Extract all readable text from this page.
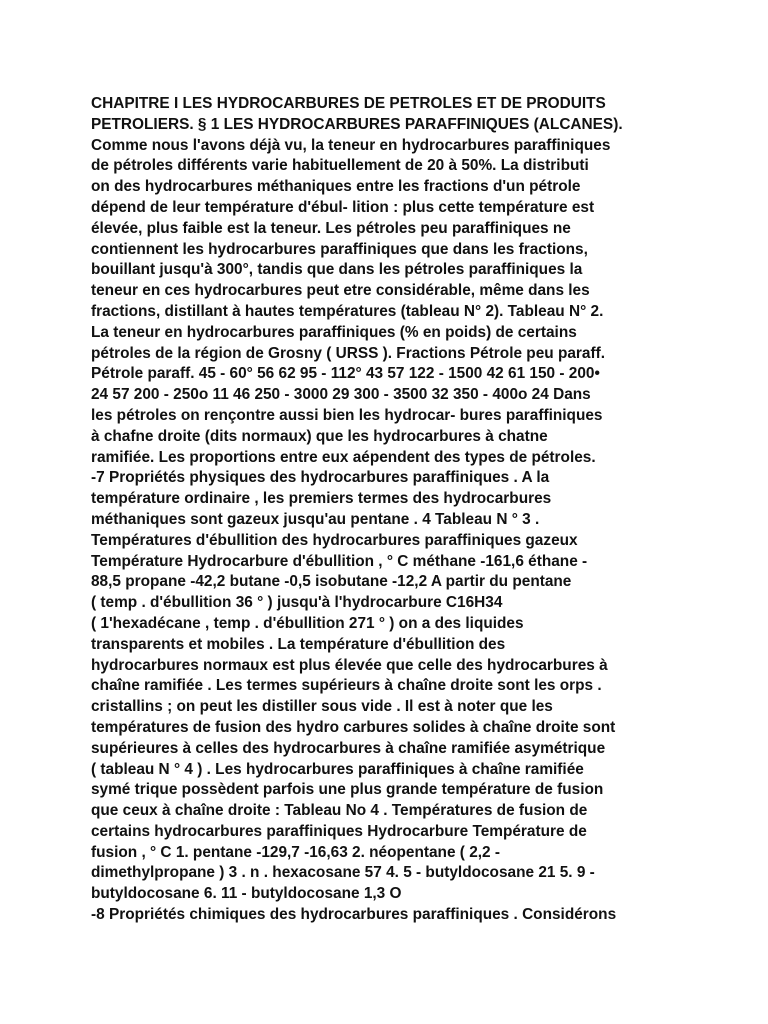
CHAPITRE I LES HYDROCARBURES DE PETROLES ET DE PRODUITS
PETROLIERS. § 1 LES HYDROCARBURES PARAFFINIQUES (ALCANES).
Comme nous l'avons déjà vu, la teneur en hydrocarbures paraffiniques
de pétroles différents varie habituellement de 20 à 50%. La distributi
on des hydrocarbures méthaniques entre les fractions d'un pétrole
dépend de leur température d'ébul- lition : plus cette température est
élevée, plus faible est la teneur. Les pétroles peu paraffiniques ne
contiennent les hydrocarbures paraffiniques que dans les fractions,
bouillant jusqu'à 300°, tandis que dans les pétroles paraffiniques la
teneur en ces hydrocarbures peut etre considérable, même dans les
fractions, distillant à hautes températures (tableau N° 2). Tableau N° 2.
La teneur en hydrocarbures paraffiniques (% en poids) de certains
pétroles de la région de Grosny ( URSS ). Fractions Pétrole peu paraff.
Pétrole paraff. 45 - 60° 56 62 95 - 112° 43 57 122 - 1500 42 61 150 - 200•
24 57 200 - 250o 11 46 250 - 3000 29 300 - 3500 32 350 - 400o 24 Dans
les pétroles on rençontre aussi bien les hydrocar- bures paraffiniques
à chafne droite (dits normaux) que les hydrocarbures à chatne
ramifiée. Les proportions entre eux aépendent des types de pétroles.
-7 Propriétés physiques des hydrocarbures paraffiniques . A la
température ordinaire , les premiers termes des hydrocarbures
méthaniques sont gazeux jusqu'au pentane . 4 Tableau N ° 3 .
Températures d'ébullition des hydrocarbures paraffiniques gazeux
Température Hydrocarbure d'ébullition , ° C méthane -161,6 éthane -
88,5 propane -42,2 butane -0,5 isobutane -12,2 A partir du pentane
( temp . d'ébullition 36 ° ) jusqu'à l'hydrocarbure C16H34
( 1'hexadécane , temp . d'ébullition 271 ° ) on a des liquides
transparents et mobiles . La température d'ébullition des
hydrocarbures normaux est plus élevée que celle des hydrocarbures à
chaîne ramifiée . Les termes supérieurs à chaîne droite sont les orps .
cristallins ; on peut les distiller sous vide . Il est à noter que les
températures de fusion des hydro carbures solides à chaîne droite sont
supérieures à celles des hydrocarbures à chaîne ramifiée asymétrique
( tableau N ° 4 ) . Les hydrocarbures paraffiniques à chaîne ramifiée
symé trique possèdent parfois une plus grande température de fusion
que ceux à chaîne droite : Tableau No 4 . Températures de fusion de
certains hydrocarbures paraffiniques Hydrocarbure Température de
fusion , ° C 1. pentane -129,7 -16,63 2. néopentane ( 2,2 -
dimethylpropane ) 3 . n . hexacosane 57 4. 5 - butyldocosane 21 5. 9 -
butyldocosane 6. 11 - butyldocosane 1,3 O
-8 Propriétés chimiques des hydrocarbures paraffiniques . Considérons
